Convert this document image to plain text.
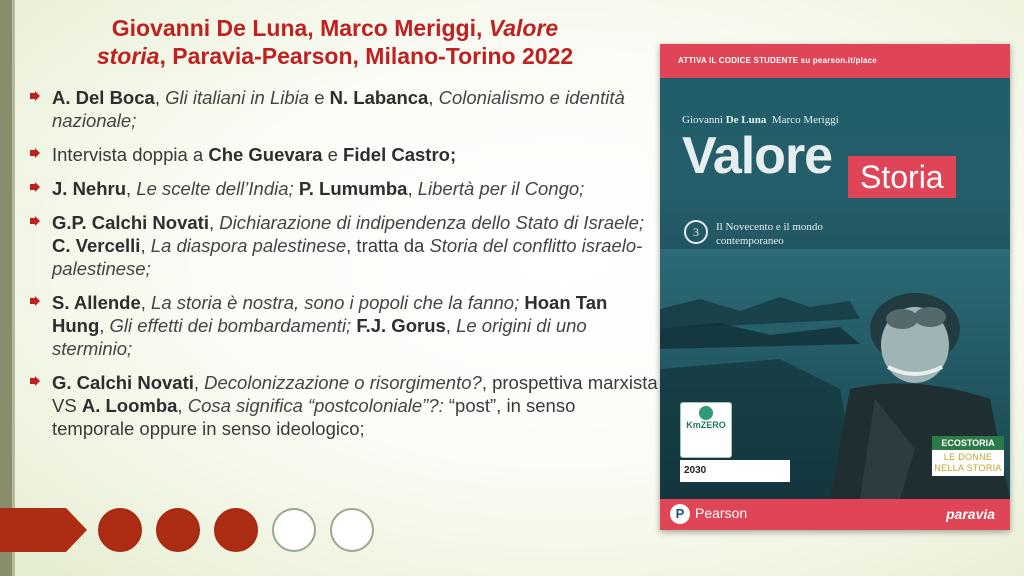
Giovanni De Luna, Marco Meriggi, Valore
storia, Paravia-Pearson, Milano-Torino 2022
A. Del Boca, Gli italiani in Libia e N. Labanca, Colonialismo e identità nazionale;
Intervista doppia a Che Guevara e Fidel Castro;
J. Nehru, Le scelte dell’India; P. Lumumba, Libertà per il Congo;
G.P. Calchi Novati, Dichiarazione di indipendenza dello Stato di Israele; C. Vercelli, La diaspora palestinese, tratta da Storia del conflitto israelo-palestinese;
S. Allende, La storia è nostra, sono i popoli che la fanno; Hoan Tan Hung, Gli effetti dei bombardamenti; F.J. Gorus, Le origini di uno sterminio;
G. Calchi Novati, Decolonizzazione o risorgimento?, prospettiva marxista VS A. Loomba, Cosa significa “postcoloniale”?: “post”, in senso temporale oppure in senso ideologico;
ATTIVA IL CODICE STUDENTE su pearson.it/place
Giovanni De Luna Marco Meriggi
Valore Storia
3	Il Novecento e il mondo contemporaneo
KmZERO
2030
ECOSTORIA
LE DONNE NELLA STORIA
P Pearson	paravia
